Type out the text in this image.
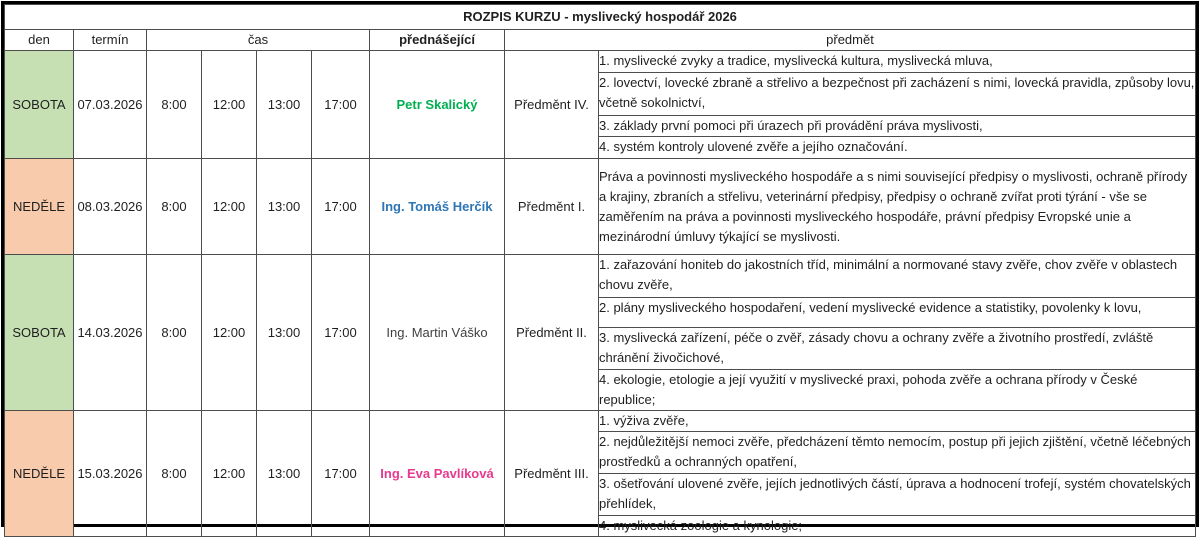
ROZPIS KURZU - myslivecký hospodář 2026								
den	termín	čas				přednášející	předmět	
SOBOTA	07.03.2026	8:00	12:00	13:00	17:00	Petr Skalický	Předměnt IV.	1. myslivecké zvyky a tradice, myslivecká kultura, myslivecká mluva,
								2. lovectví, lovecké zbraně a střelivo a bezpečnost při zacházení s nimi, lovecká pravidla, způsoby lovu, včetně sokolnictví,
								3. základy první pomoci při úrazech při provádění práva myslivosti,
								4. systém kontroly ulovené zvěře a jejího označování.
NEDĚLE	08.03.2026	8:00	12:00	13:00	17:00	Ing. Tomáš Herčík	Předměnt I.	Práva a povinnosti mysliveckého hospodáře a s nimi související předpisy o myslivosti, ochraně přírody a krajiny, zbraních a střelivu, veterinární předpisy, předpisy o ochraně zvířat proti týrání - vše se zaměřením na práva a povinnosti mysliveckého hospodáře, právní předpisy Evropské unie a mezinárodní úmluvy týkající se myslivosti.
SOBOTA	14.03.2026	8:00	12:00	13:00	17:00	Ing. Martin Váško	Předměnt II.	1. zařazování honiteb do jakostních tříd, minimální a normované stavy zvěře, chov zvěře v oblastech chovu zvěře,
								2. plány mysliveckého hospodaření, vedení myslivecké evidence a statistiky, povolenky k lovu,
								3. myslivecká zařízení, péče o zvěř, zásady chovu a ochrany zvěře a životního prostředí, zvláště chránění živočichové,
								4. ekologie, etologie a její využití v myslivecké praxi, pohoda zvěře a ochrana přírody v České republice;
NEDĚLE	15.03.2026	8:00	12:00	13:00	17:00	Ing. Eva Pavlíková	Předměnt III.	1. výživa zvěře,
								2. nejdůležitější nemoci zvěře, předcházení těmto nemocím, postup při jejich zjištění, včetně léčebných prostředků a ochranných opatření,
								3. ošetřování ulovené zvěře, jejích jednotlivých částí, úprava a hodnocení trofejí, systém chovatelských přehlídek,
								4. myslivecká zoologie a kynologie;
